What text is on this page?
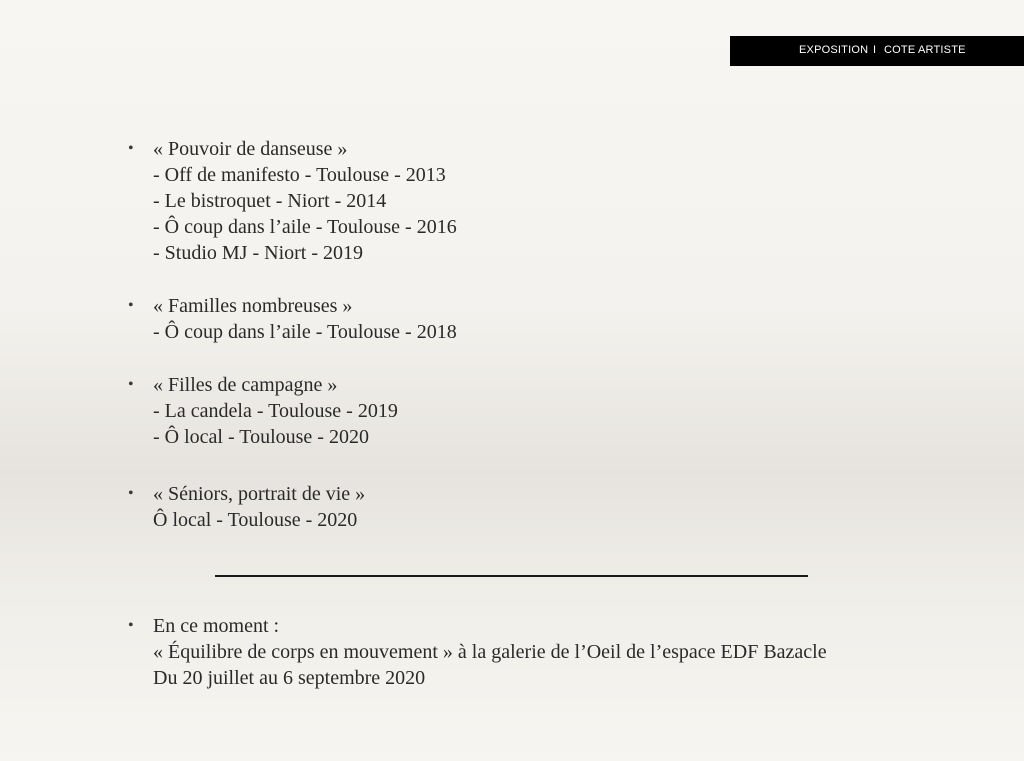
EXPOSITION I COTE ARTISTE
• « Pouvoir de danseuse »
- Off de manifesto - Toulouse - 2013
- Le bistroquet - Niort - 2014
- Ô coup dans l’aile - Toulouse - 2016
- Studio MJ - Niort - 2019
• « Familles nombreuses »
- Ô coup dans l’aile - Toulouse - 2018
• « Filles de campagne »
- La candela - Toulouse - 2019
- Ô local - Toulouse - 2020
• « Séniors, portrait de vie »
Ô local - Toulouse - 2020
• En ce moment :
« Équilibre de corps en mouvement » à la galerie de l’Oeil de l’espace EDF Bazacle
Du 20 juillet au 6 septembre 2020
